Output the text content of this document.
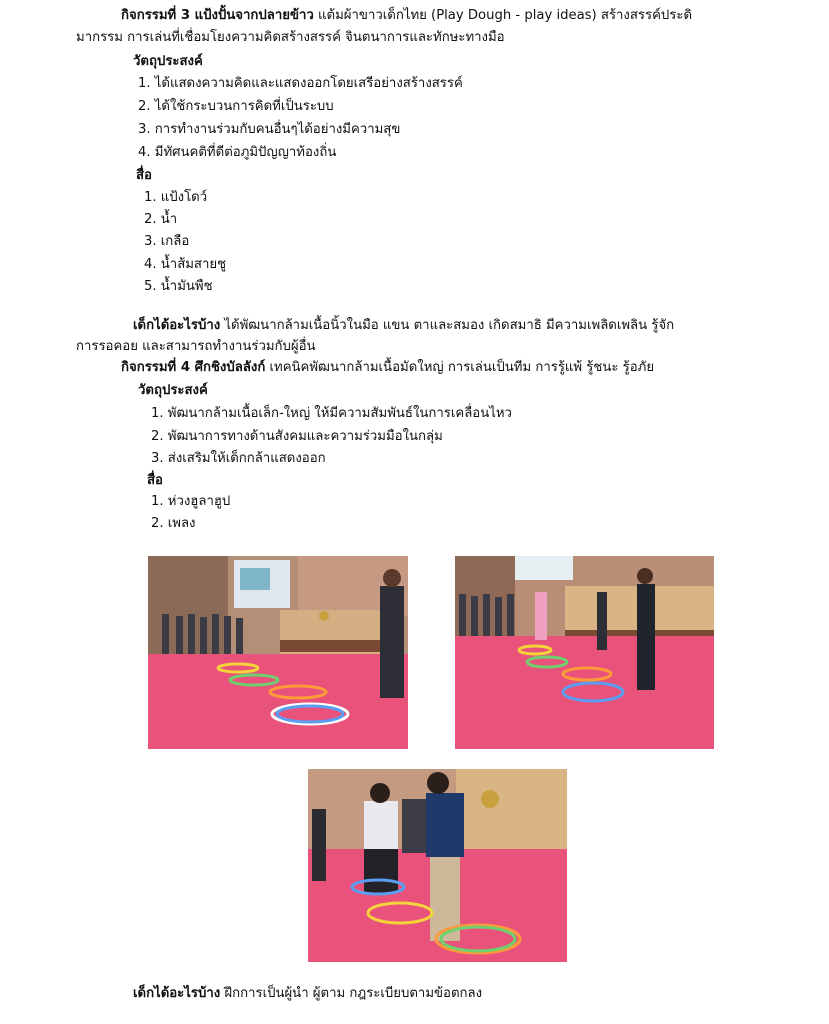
กิจกรรมที่ 3 แป้งปั้นจากปลายข้าว แต้มผ้าขาวเด็กไทย (Play Dough - play ideas) สร้างสรรค์ประดิ
มากรรม การเล่นที่เชื่อมโยงความคิดสร้างสรรค์ จินตนาการและทักษะทางมือ
วัตถุประสงค์
1. ได้แสดงความคิดและแสดงออกโดยเสรีอย่างสร้างสรรค์
2. ได้ใช้กระบวนการคิดที่เป็นระบบ
3. การทำงานร่วมกับคนอื่นๆได้อย่างมีความสุข
4. มีทัศนคติที่ดีต่อภูมิปัญญาท้องถิ่น
สื่อ
1. แป้งโดว์
2. น้ำ
3. เกลือ
4. น้ำส้มสายชู
5. น้ำมันพืช
เด็กได้อะไรบ้าง ได้พัฒนากล้ามเนื้อนิ้วในมือ แขน ตาและสมอง เกิดสมาธิ มีความเพลิดเพลิน รู้จัก
การรอคอย และสามารถทำงานร่วมกับผู้อื่น
กิจกรรมที่ 4 ศึกชิงบัลลังก์ เทคนิคพัฒนากล้ามเนื้อมัดใหญ่ การเล่นเป็นทีม การรู้แพ้ รู้ชนะ รู้อภัย
วัตถุประสงค์
1. พัฒนากล้ามเนื้อเล็ก-ใหญ่ ให้มีความสัมพันธ์ในการเคลื่อนไหว
2. พัฒนาการทางด้านสังคมและความร่วมมือในกลุ่ม
3. ส่งเสริมให้เด็กกล้าแสดงออก
สื่อ
1. ห่วงฮูลาฮูป
2. เพลง
เด็กได้อะไรบ้าง ฝึกการเป็นผู้นำ ผู้ตาม กฎระเบียบตามข้อตกลง
